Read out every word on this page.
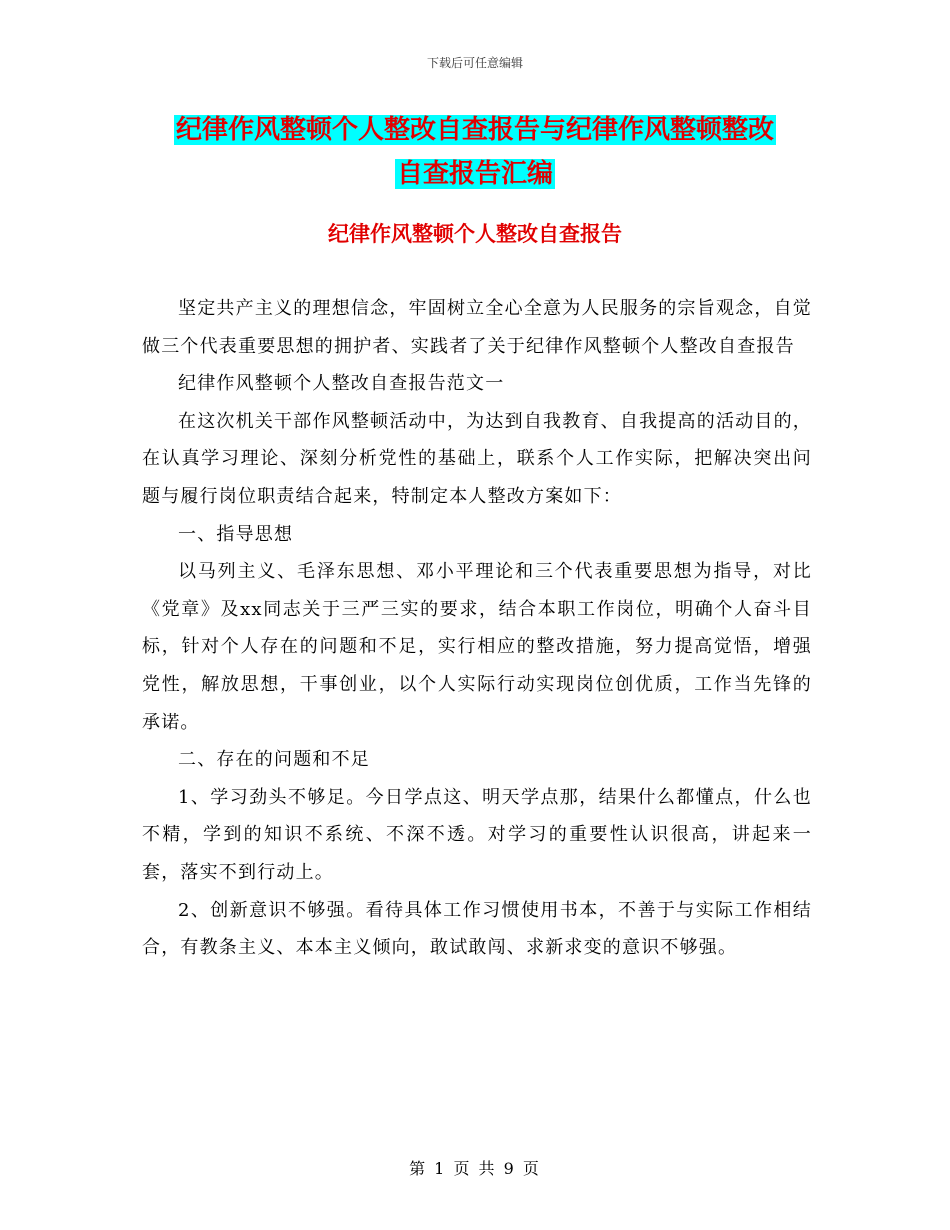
下载后可任意编辑
纪律作风整顿个人整改自查报告与纪律作风整顿整改
自查报告汇编
纪律作风整顿个人整改自查报告

坚定共产主义的理想信念，牢固树立全心全意为人民服务的宗旨观念，自觉做三个代表重要思想的拥护者、实践者了关于纪律作风整顿个人整改自查报告

纪律作风整顿个人整改自查报告范文一

在这次机关干部作风整顿活动中，为达到自我教育、自我提高的活动目的，在认真学习理论、深刻分析党性的基础上，联系个人工作实际，把解决突出问题与履行岗位职责结合起来，特制定本人整改方案如下：

一、指导思想

以马列主义、毛泽东思想、邓小平理论和三个代表重要思想为指导，对比《党章》及xx同志关于三严三实的要求，结合本职工作岗位，明确个人奋斗目标，针对个人存在的问题和不足，实行相应的整改措施，努力提高觉悟，增强党性，解放思想，干事创业，以个人实际行动实现岗位创优质，工作当先锋的承诺。

二、存在的问题和不足

1、学习劲头不够足。今日学点这、明天学点那，结果什么都懂点，什么也不精，学到的知识不系统、不深不透。对学习的重要性认识很高，讲起来一套，落实不到行动上。

2、创新意识不够强。看待具体工作习惯使用书本，不善于与实际工作相结合，有教条主义、本本主义倾向，敢试敢闯、求新求变的意识不够强。

第 1 页 共 9 页
